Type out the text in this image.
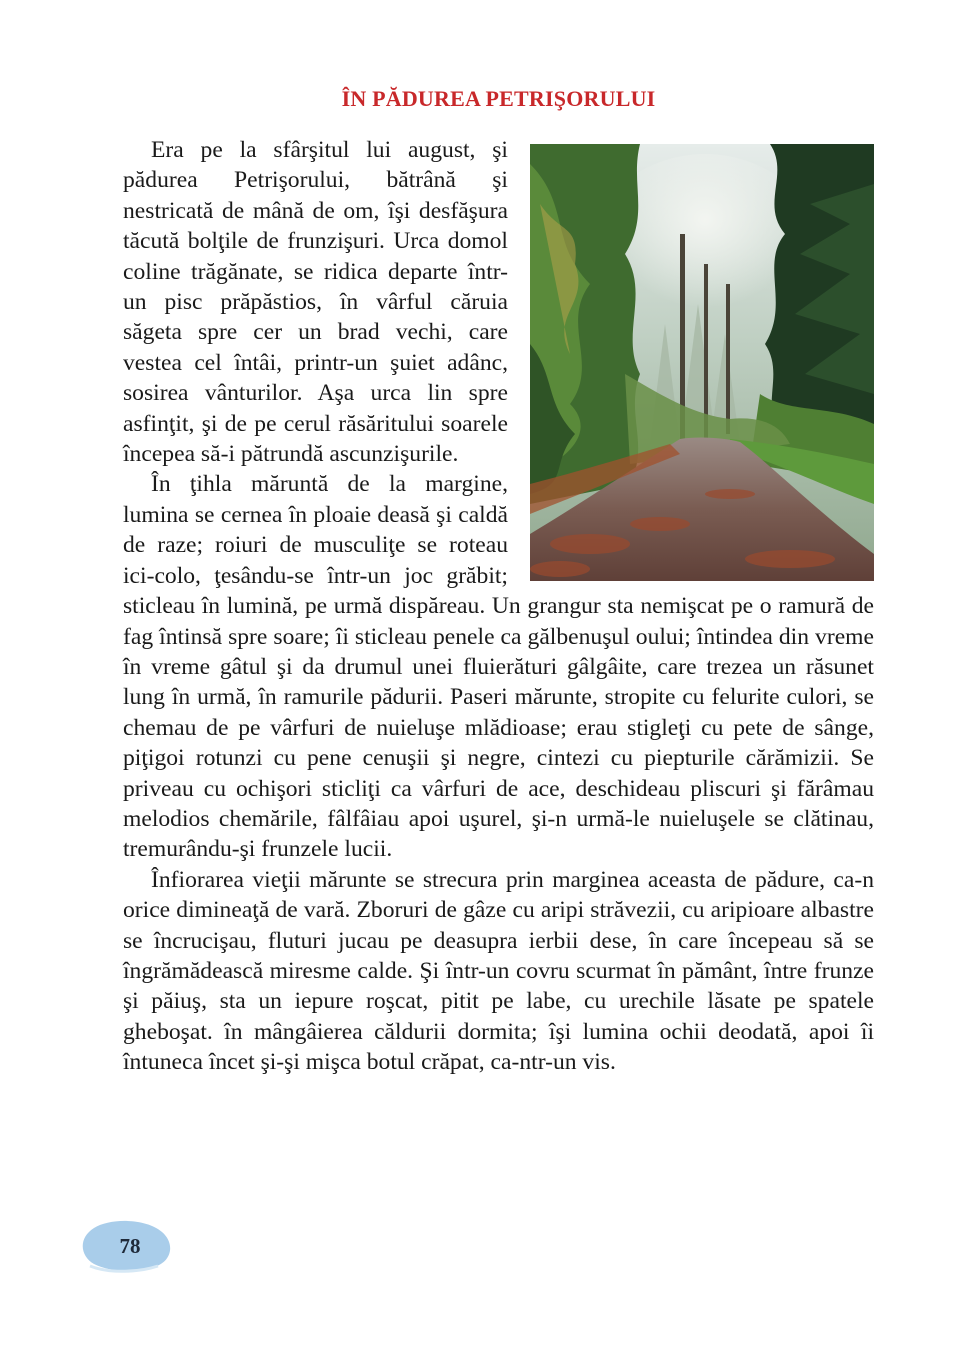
ÎN PĂDUREA PETRIŞORULUI

Era pe la sfârşitul lui august, şi pădurea Petrişorului, bătrână şi nestricată de mână de om, îşi desfăşura tăcută bolţile de frunzişuri. Urca domol coline trăgănate, se ridica departe într-un pisc prăpăstios, în vârful căruia săgeta spre cer un brad vechi, care vestea cel întâi, printr-un şuiet adânc, sosirea vânturilor. Aşa urca lin spre asfinţit, şi de pe cerul răsăritului soarele începea să-i pătrundă ascunzişurile.

În ţihla măruntă de la margine, lumina se cernea în ploaie deasă şi caldă de raze; roiuri de musculiţe se roteau ici-colo, ţesându-se într-un joc grăbit; sticleau în lumină, pe urmă dispăreau. Un grangur sta nemişcat pe o ramură de fag întinsă spre soare; îi sticleau penele ca gălbenuşul oului; întindea din vreme în vreme gâtul şi da drumul unei fluierături gâlgâite, care trezea un răsunet lung în urmă, în ramurile pădurii. Paseri mărunte, stropite cu felurite culori, se chemau de pe vârfuri de nuieluşe mlădioase; erau stigleţi cu pete de sânge, piţigoi rotunzi cu pene cenuşii şi negre, cintezi cu piepturile cărămizii. Se priveau cu ochişori sticliţi ca vârfuri de ace, deschideau pliscuri şi fărâmau melodios chemările, fâlfâiau apoi uşurel, şi-n urmă-le nuieluşele se clătinau, tremurându-şi frunzele lucii.

Înfiorarea vieţii mărunte se strecura prin marginea aceasta de pădure, ca-n orice dimineaţă de vară. Zboruri de gâze cu aripi străvezii, cu aripioare albastre se încrucişau, fluturi jucau pe deasupra ierbii dese, în care începeau să se îngrămădească miresme calde. Şi într-un covru scurmat în pământ, între frunze şi păiuş, sta un iepure roşcat, pitit pe labe, cu urechile lăsate pe spatele gheboşat. în mângâierea căldurii dormita; îşi lumina ochii deodată, apoi îi întuneca încet şi-şi mişca botul crăpat, ca-ntr-un vis.

78
